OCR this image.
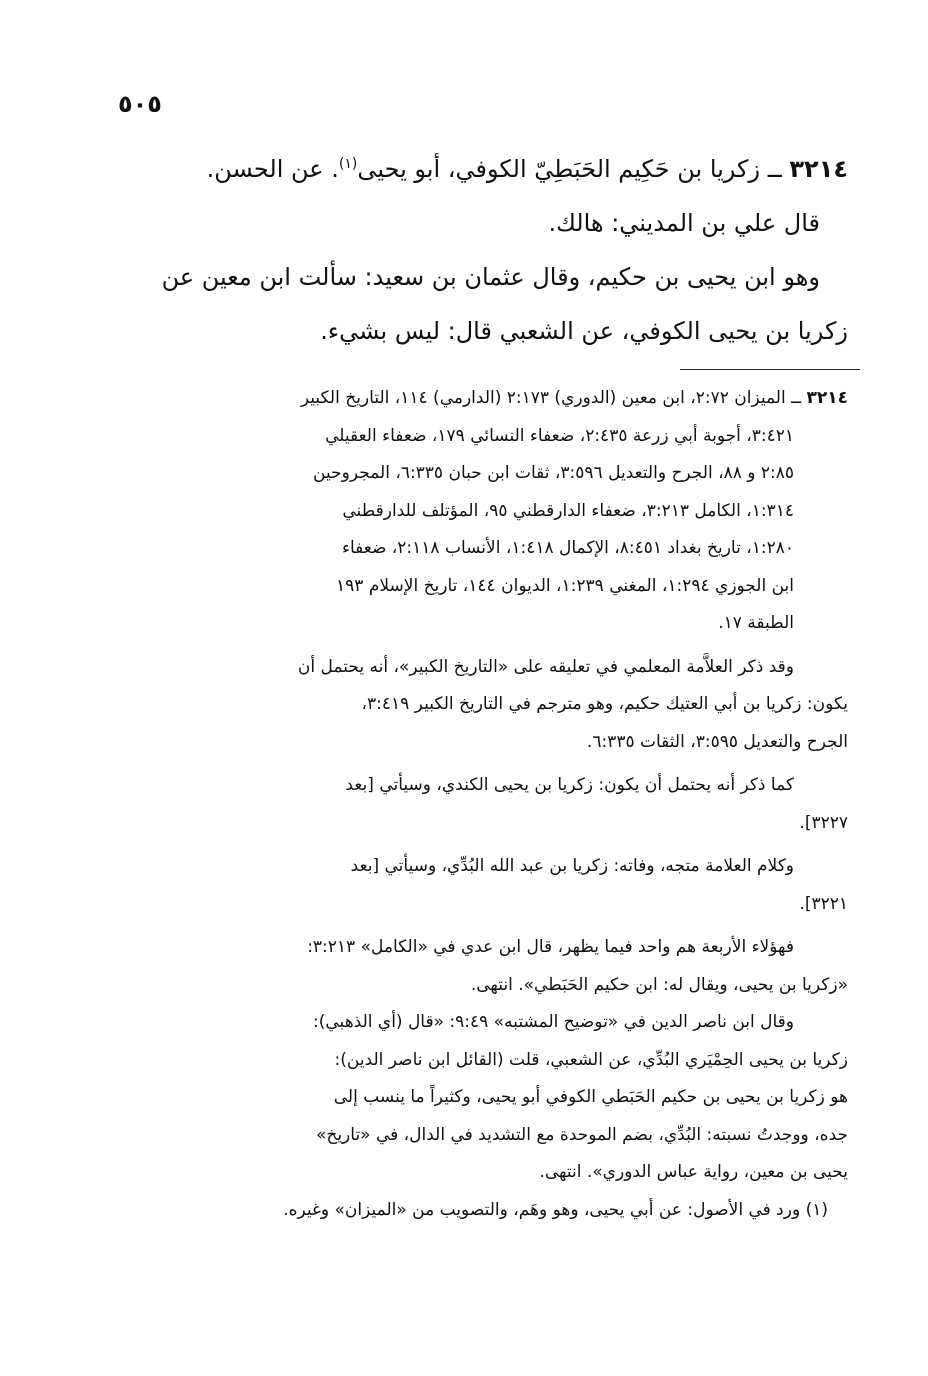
٥٠٥
٣٢١٤ ــ زكريا بن حَكِيم الحَبَطِيّ الكوفي، أبو يحيى$^{(١)}$. عن الحسن.
قال علي بن المديني: هالك.
وهو ابن يحيى بن حكيم، وقال عثمان بن سعيد: سألت ابن معين عن
زكريا بن يحيى الكوفي، عن الشعبي قال: ليس بشيء.
٣٢١٤ ــ الميزان ٢:٧٢، ابن معين (الدوري) ٢:١٧٣ (الدارمي) ١١٤، التاريخ الكبير
٣:٤٢١، أجوبة أبي زرعة ٢:٤٣٥، ضعفاء النسائي ١٧٩، ضعفاء العقيلي
٢:٨٥ و ٨٨، الجرح والتعديل ٣:٥٩٦، ثقات ابن حبان ٦:٣٣٥، المجروحين
١:٣١٤، الكامل ٣:٢١٣، ضعفاء الدارقطني ٩٥، المؤتلف للدارقطني
١:٢٨٠، تاريخ بغداد ٨:٤٥١، الإكمال ١:٤١٨، الأنساب ٢:١١٨، ضعفاء
ابن الجوزي ١:٢٩٤، المغني ١:٢٣٩، الديوان ١٤٤، تاريخ الإسلام ١٩٣
الطبقة ١٧.
وقد ذكر العلاَّمة المعلمي في تعليقه على «التاريخ الكبير»، أنه يحتمل أن
يكون: زكريا بن أبي العتيك حكيم، وهو مترجم في التاريخ الكبير ٣:٤١٩،
الجرح والتعديل ٣:٥٩٥، الثقات ٦:٣٣٥.
كما ذكر أنه يحتمل أن يكون: زكريا بن يحيى الكندي، وسيأتي [بعد
٣٢٢٧].
وكلام العلامة متجه، وفاته: زكريا بن عبد الله البُدِّي، وسيأتي [بعد
٣٢٢١].
فهؤلاء الأربعة هم واحد فيما يظهر، قال ابن عدي في «الكامل» ٣:٢١٣:
«زكريا بن يحيى، ويقال له: ابن حكيم الحَبَطي». انتهى.
وقال ابن ناصر الدين في «توضيح المشتبه» ٩:٤٩: «قال (أي الذهبي):
زكريا بن يحيى الحِمْيَري البُدِّي، عن الشعبي، قلت (القائل ابن ناصر الدين):
هو زكريا بن يحيى بن حكيم الحَبَطي الكوفي أبو يحيى، وكثيراً ما ينسب إلى
جده، ووجدتُ نسبته: البُدِّي، بضم الموحدة مع التشديد في الدال، في «تاريخ»
يحيى بن معين، رواية عباس الدوري». انتهى.
(١) ورد في الأصول: عن أبي يحيى، وهو وهَم، والتصويب من «الميزان» وغيره.
